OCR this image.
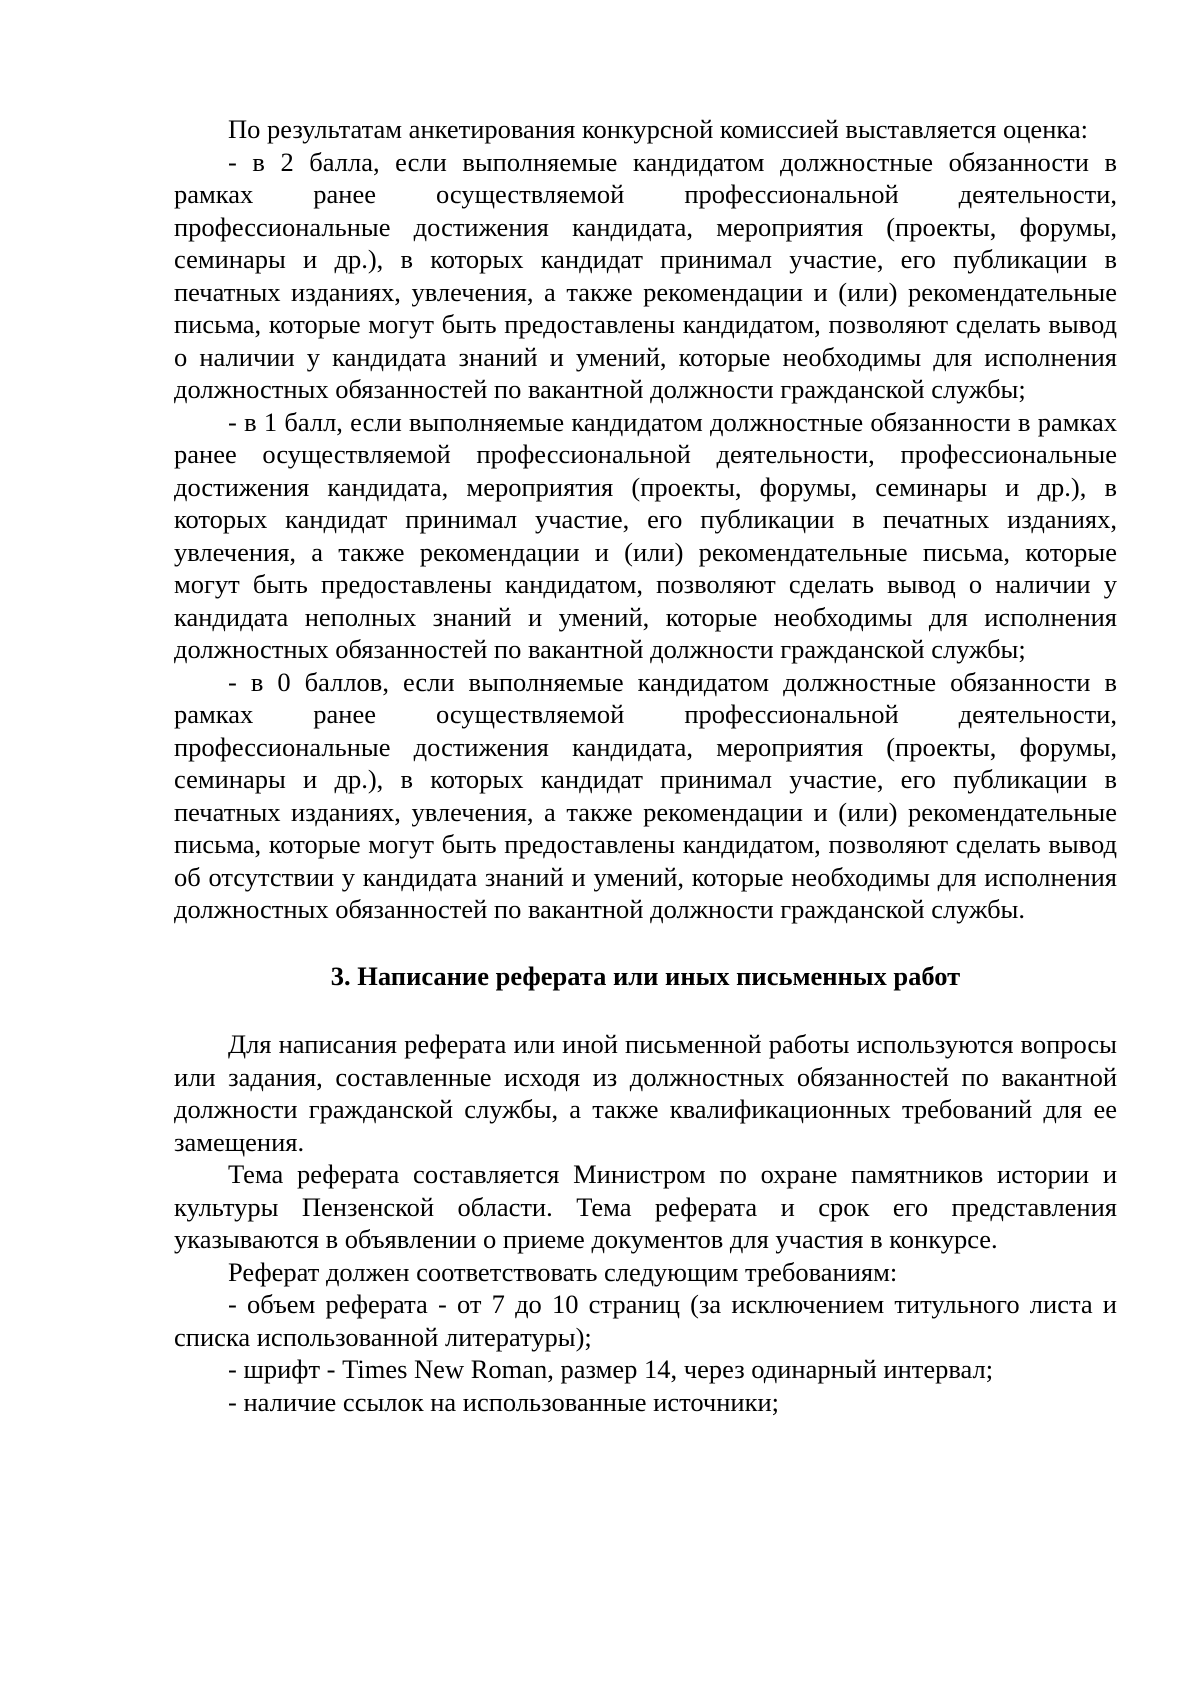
По результатам анкетирования конкурсной комиссией выставляется оценка:

- в 2 балла, если выполняемые кандидатом должностные обязанности в рамках ранее осуществляемой профессиональной деятельности, профессиональные достижения кандидата, мероприятия (проекты, форумы, семинары и др.), в которых кандидат принимал участие, его публикации в печатных изданиях, увлечения, а также рекомендации и (или) рекомендательные письма, которые могут быть предоставлены кандидатом, позволяют сделать вывод о наличии у кандидата знаний и умений, которые необходимы для исполнения должностных обязанностей по вакантной должности гражданской службы;

- в 1 балл, если выполняемые кандидатом должностные обязанности в рамках ранее осуществляемой профессиональной деятельности, профессиональные достижения кандидата, мероприятия (проекты, форумы, семинары и др.), в которых кандидат принимал участие, его публикации в печатных изданиях, увлечения, а также рекомендации и (или) рекомендательные письма, которые могут быть предоставлены кандидатом, позволяют сделать вывод о наличии у кандидата неполных знаний и умений, которые необходимы для исполнения должностных обязанностей по вакантной должности гражданской службы;

- в 0 баллов, если выполняемые кандидатом должностные обязанности в рамках ранее осуществляемой профессиональной деятельности, профессиональные достижения кандидата, мероприятия (проекты, форумы, семинары и др.), в которых кандидат принимал участие, его публикации в печатных изданиях, увлечения, а также рекомендации и (или) рекомендательные письма, которые могут быть предоставлены кандидатом, позволяют сделать вывод об отсутствии у кандидата знаний и умений, которые необходимы для исполнения должностных обязанностей по вакантной должности гражданской службы.

3. Написание реферата или иных письменных работ

Для написания реферата или иной письменной работы используются вопросы или задания, составленные исходя из должностных обязанностей по вакантной должности гражданской службы, а также квалификационных требований для ее замещения.

Тема реферата составляется Министром по охране памятников истории и культуры Пензенской области. Тема реферата и срок его представления указываются в объявлении о приеме документов для участия в конкурсе.

Реферат должен соответствовать следующим требованиям:

- объем реферата - от 7 до 10 страниц (за исключением титульного листа и списка использованной литературы);

- шрифт - Times New Roman, размер 14, через одинарный интервал;

- наличие ссылок на использованные источники;
